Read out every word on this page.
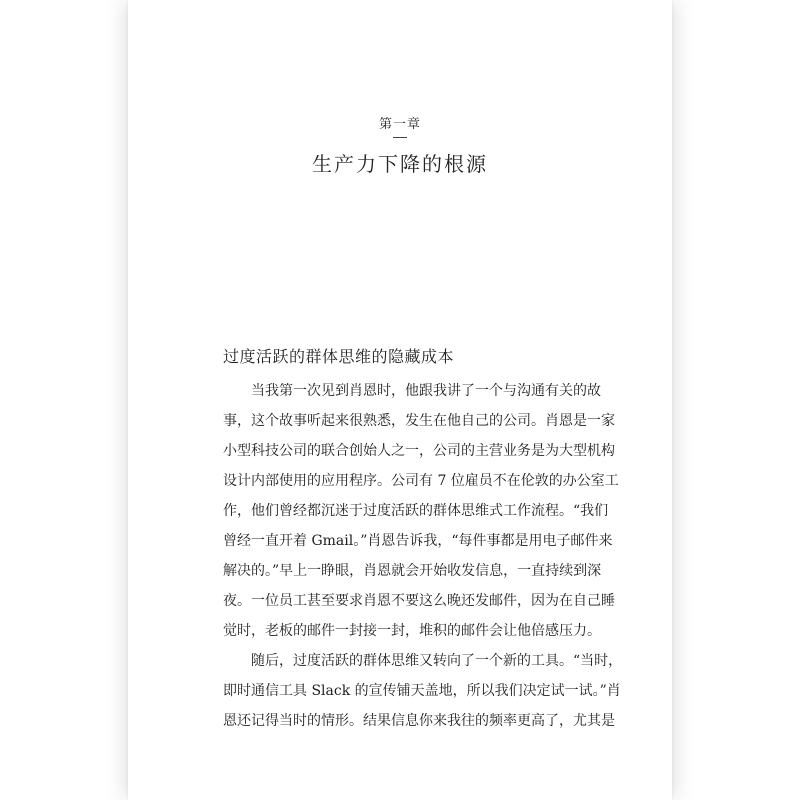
第一章
生产力下降的根源
过度活跃的群体思维的隐藏成本
当我第一次见到肖恩时，他跟我讲了一个与沟通有关的故
事，这个故事听起来很熟悉，发生在他自己的公司。肖恩是一家
小型科技公司的联合创始人之一，公司的主营业务是为大型机构
设计内部使用的应用程序。公司有 7 位雇员不在伦敦的办公室工
作，他们曾经都沉迷于过度活跃的群体思维式工作流程。“我们
曾经一直开着 Gmail。”肖恩告诉我，“每件事都是用电子邮件来
解决的。”早上一睁眼，肖恩就会开始收发信息，一直持续到深
夜。一位员工甚至要求肖恩不要这么晚还发邮件，因为在自己睡
觉时，老板的邮件一封接一封，堆积的邮件会让他倍感压力。
随后，过度活跃的群体思维又转向了一个新的工具。“当时，
即时通信工具 Slack 的宣传铺天盖地，所以我们决定试一试。”肖
恩还记得当时的情形。结果信息你来我往的频率更高了，尤其是
